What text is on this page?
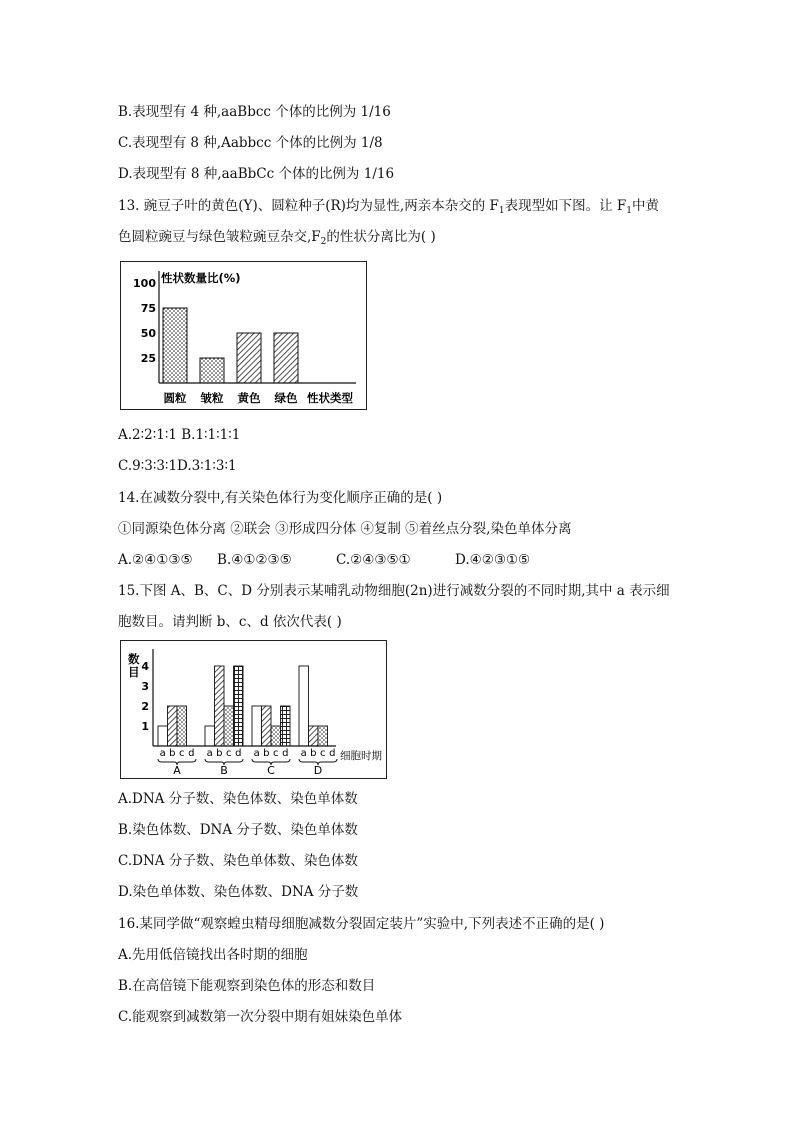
B.表现型有 4 种,aaBbcc 个体的比例为 1/16
C.表现型有 8 种,Aabbcc 个体的比例为 1/8
D.表现型有 8 种,aaBbCc 个体的比例为 1/16
13. 豌豆子叶的黄色(Y)、圆粒种子(R)均为显性,两亲本杂交的 $F_1$表现型如下图。让 $F_1$中黄
色圆粒豌豆与绿色皱粒豌豆杂交$,F_2$的性状分离比为( )
25
50
75
100
圆粒 皱粒 黄色 绿色
性状数量比(%)
性状类型
A.2∶2∶1∶1 B.1∶1∶1∶1
C.9∶3∶3∶1D.3∶1∶3∶1
14.在减数分裂中,有关染色体行为变化顺序正确的是( )
①同源染色体分离 ②联会 ③形成四分体 ④复制 ⑤着丝点分裂,染色单体分离
A.②④①③⑤ B.④①②③⑤	C.②④③⑤①	D.④②③①⑤
15.下图 A、B、C、D 分别表示某哺乳动物细胞(2n)进行减数分裂的不同时期,其中 a 表示细
胞数目。请判断 b、c、d 依次代表( )
1
2
3
4
a b c d a b c d a b c d a b c d
A	B	C	D
数目
细胞时期
A.DNA 分子数、染色体数、染色单体数
B.染色体数、DNA 分子数、染色单体数
C.DNA 分子数、染色单体数、染色体数
D.染色单体数、染色体数、DNA 分子数
16.某同学做“观察蝗虫精母细胞减数分裂固定装片”实验中,下列表述不正确的是( )
A.先用低倍镜找出各时期的细胞
B.在高倍镜下能观察到染色体的形态和数目
C.能观察到减数第一次分裂中期有姐妹染色单体
